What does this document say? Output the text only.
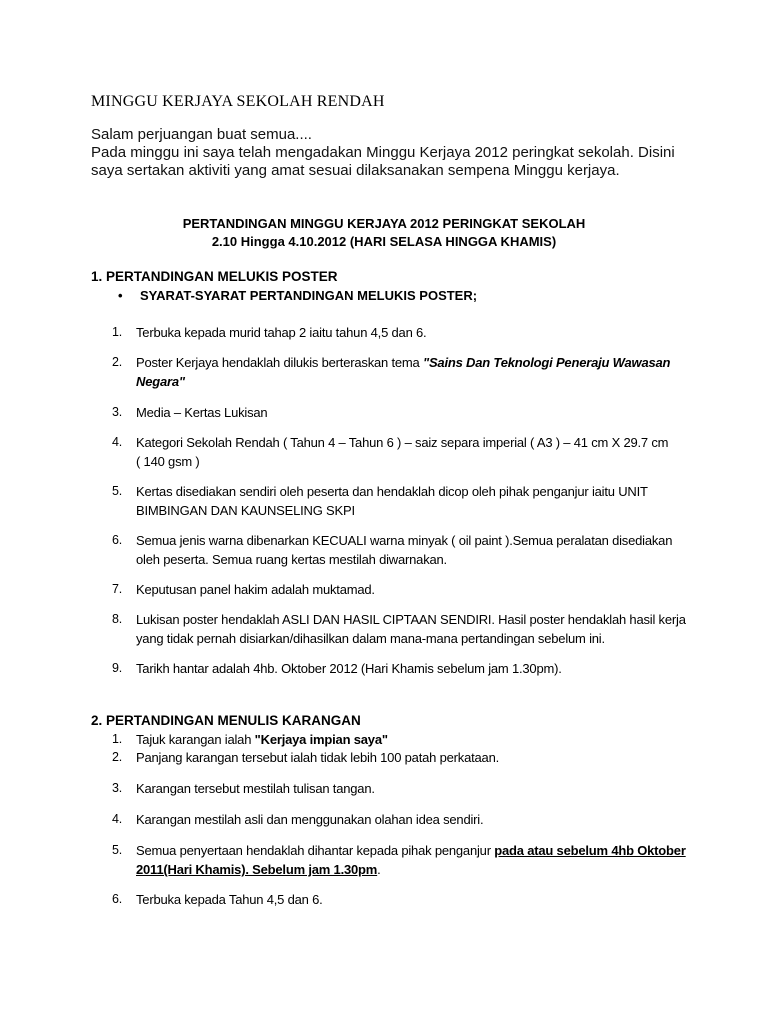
MINGGU KERJAYA SEKOLAH RENDAH
Salam perjuangan buat semua....
Pada minggu ini saya telah mengadakan Minggu Kerjaya 2012 peringkat sekolah. Disini
saya sertakan aktiviti yang amat sesuai dilaksanakan sempena Minggu kerjaya.
PERTANDINGAN MINGGU KERJAYA 2012 PERINGKAT SEKOLAH
2.10 Hingga 4.10.2012 (HARI SELASA HINGGA KHAMIS)
1. PERTANDINGAN MELUKIS POSTER
• SYARAT-SYARAT PERTANDINGAN MELUKIS POSTER;
1.	Terbuka kepada murid tahap 2 iaitu tahun 4,5 dan 6.
2.	Poster Kerjaya hendaklah dilukis berteraskan tema "Sains Dan Teknologi Peneraju Wawasan
Negara"
3.	Media – Kertas Lukisan
4.	Kategori Sekolah Rendah ( Tahun 4 – Tahun 6 ) – saiz separa imperial ( A3 ) – 41 cm X 29.7 cm
( 140 gsm )
5.	Kertas disediakan sendiri oleh peserta dan hendaklah dicop oleh pihak penganjur iaitu UNIT
BIMBINGAN DAN KAUNSELING SKPI
6.	Semua jenis warna dibenarkan KECUALI warna minyak ( oil paint ).Semua peralatan disediakan
oleh peserta. Semua ruang kertas mestilah diwarnakan.
7.	Keputusan panel hakim adalah muktamad.
8.	Lukisan poster hendaklah ASLI DAN HASIL CIPTAAN SENDIRI. Hasil poster hendaklah hasil kerja
yang tidak pernah disiarkan/dihasilkan dalam mana-mana pertandingan sebelum ini.
9.	Tarikh hantar adalah 4hb. Oktober 2012 (Hari Khamis sebelum jam 1.30pm).
2. PERTANDINGAN MENULIS KARANGAN
1.	Tajuk karangan ialah "Kerjaya impian saya"
2.	Panjang karangan tersebut ialah tidak lebih 100 patah perkataan.
3.	Karangan tersebut mestilah tulisan tangan.
4.	Karangan mestilah asli dan menggunakan olahan idea sendiri.
5.	Semua penyertaan hendaklah dihantar kepada pihak penganjur pada atau sebelum 4hb Oktober
2011(Hari Khamis). Sebelum jam 1.30pm.
6.	Terbuka kepada Tahun 4,5 dan 6.
